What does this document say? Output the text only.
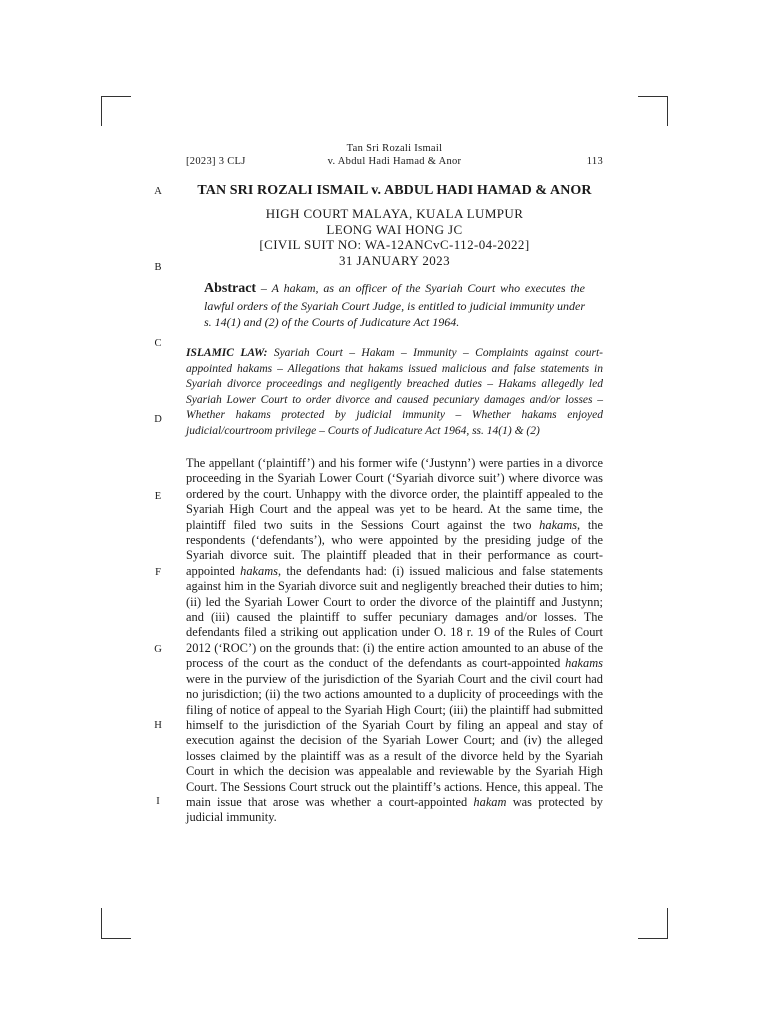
Tan Sri Rozali Ismail
v. Abdul Hadi Hamad & Anor
[2023] 3 CLJ	113
A
B
C
D
E
F
G
H
I
TAN SRI ROZALI ISMAIL v. ABDUL HADI HAMAD & ANOR
HIGH COURT MALAYA, KUALA LUMPUR
LEONG WAI HONG JC
[CIVIL SUIT NO: WA-12ANCvC-112-04-2022]
31 JANUARY 2023
Abstract – A hakam, as an officer of the Syariah Court who executes the lawful orders of the Syariah Court Judge, is entitled to judicial immunity under s. 14(1) and (2) of the Courts of Judicature Act 1964.
ISLAMIC LAW: Syariah Court – Hakam – Immunity – Complaints against court-appointed hakams – Allegations that hakams issued malicious and false statements in Syariah divorce proceedings and negligently breached duties – Hakams allegedly led Syariah Lower Court to order divorce and caused pecuniary damages and/or losses – Whether hakams protected by judicial immunity – Whether hakams enjoyed judicial/courtroom privilege – Courts of Judicature Act 1964, ss. 14(1) & (2)
The appellant (‘plaintiff’) and his former wife (‘Justynn’) were parties in a divorce proceeding in the Syariah Lower Court (‘Syariah divorce suit’) where divorce was ordered by the court. Unhappy with the divorce order, the plaintiff appealed to the Syariah High Court and the appeal was yet to be heard. At the same time, the plaintiff filed two suits in the Sessions Court against the two hakams, the respondents (‘defendants’), who were appointed by the presiding judge of the Syariah divorce suit. The plaintiff pleaded that in their performance as court-appointed hakams, the defendants had: (i) issued malicious and false statements against him in the Syariah divorce suit and negligently breached their duties to him; (ii) led the Syariah Lower Court to order the divorce of the plaintiff and Justynn; and (iii) caused the plaintiff to suffer pecuniary damages and/or losses. The defendants filed a striking out application under O. 18 r. 19 of the Rules of Court 2012 (‘ROC’) on the grounds that: (i) the entire action amounted to an abuse of the process of the court as the conduct of the defendants as court-appointed hakams were in the purview of the jurisdiction of the Syariah Court and the civil court had no jurisdiction; (ii) the two actions amounted to a duplicity of proceedings with the filing of notice of appeal to the Syariah High Court; (iii) the plaintiff had submitted himself to the jurisdiction of the Syariah Court by filing an appeal and stay of execution against the decision of the Syariah Lower Court; and (iv) the alleged losses claimed by the plaintiff was as a result of the divorce held by the Syariah Court in which the decision was appealable and reviewable by the Syariah High Court. The Sessions Court struck out the plaintiff’s actions. Hence, this appeal. The main issue that arose was whether a court-appointed hakam was protected by judicial immunity.
